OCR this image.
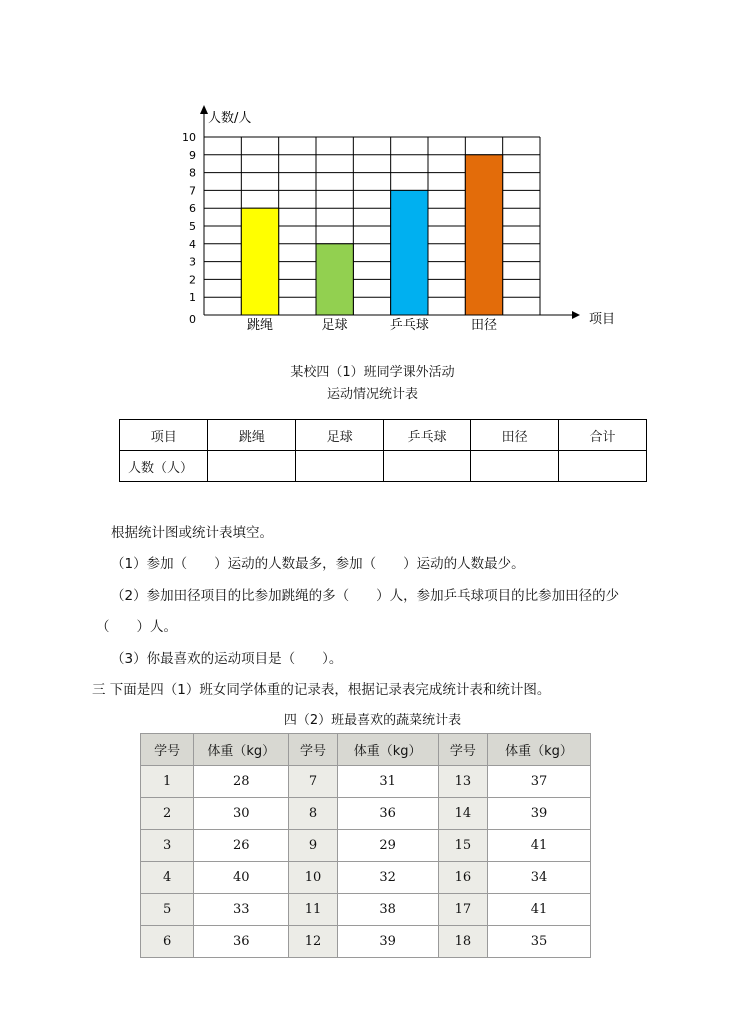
0
1
2
3
4
5
6
7
8
9
10
跳绳	足球	乒乓球	田径
人数/人
项目
某校四（1）班同学课外活动
运动情况统计表
项目	跳绳	足球	乒乓球	田径	合计
人数（人）					
根据统计图或统计表填空。
（1）参加（　　）运动的人数最多，参加（　　）运动的人数最少。
（2）参加田径项目的比参加跳绳的多（　　）人，参加乒乓球项目的比参加田径的少
（　　）人。
（3）你最喜欢的运动项目是（　　）。
三 下面是四（1）班女同学体重的记录表，根据记录表完成统计表和统计图。
四（2）班最喜欢的蔬菜统计表
学号	体重（kg）	学号	体重（kg）	学号	体重（kg）
1	28	7	31	13	37
2	30	8	36	14	39
3	26	9	29	15	41
4	40	10	32	16	34
5	33	11	38	17	41
6	36	12	39	18	35
